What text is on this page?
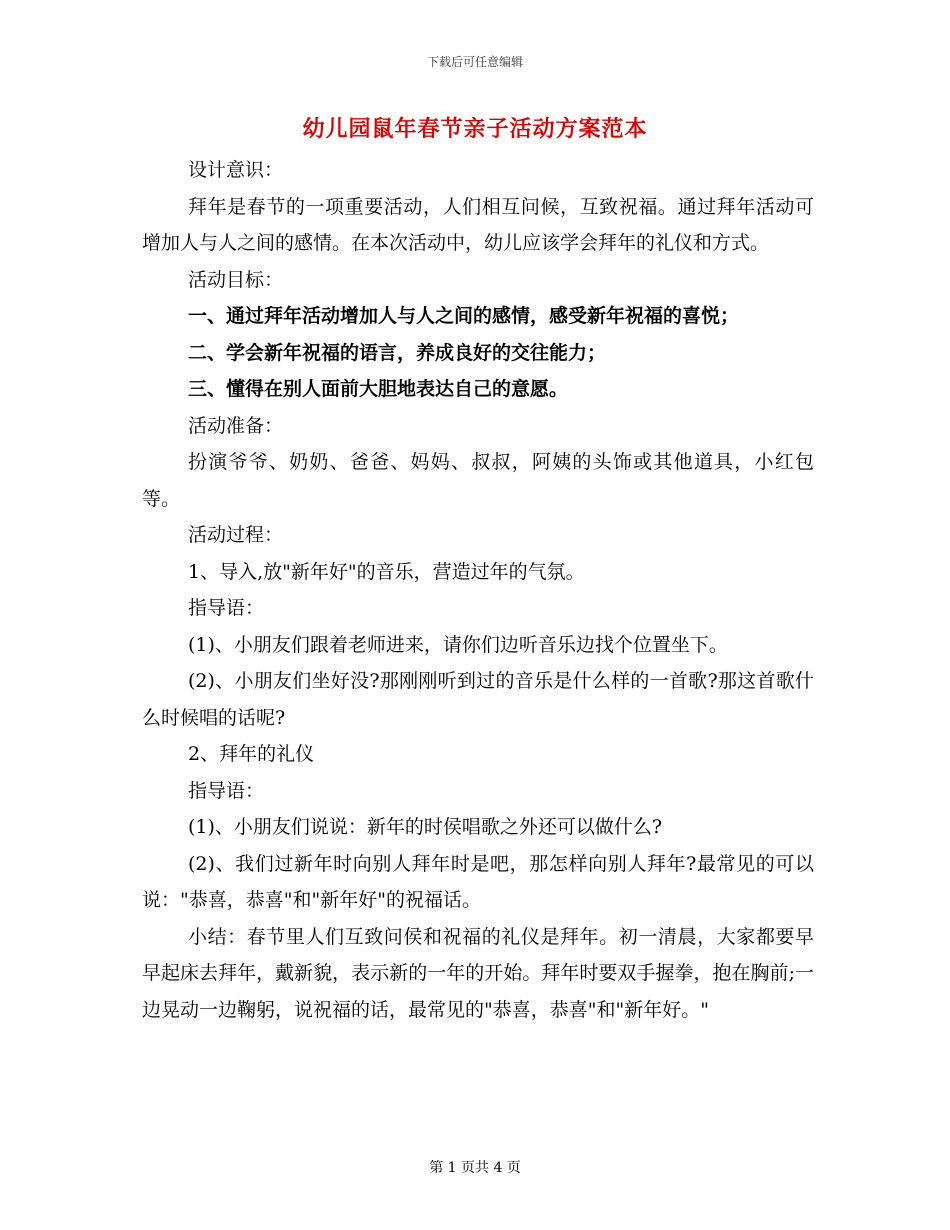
下载后可任意编辑
幼儿园鼠年春节亲子活动方案范本

设计意识：

拜年是春节的一项重要活动，人们相互问候，互致祝福。通过拜年活动可增加人与人之间的感情。在本次活动中，幼儿应该学会拜年的礼仪和方式。

活动目标：

一、通过拜年活动增加人与人之间的感情，感受新年祝福的喜悦；

二、学会新年祝福的语言，养成良好的交往能力；

三、懂得在别人面前大胆地表达自己的意愿。

活动准备：

扮演爷爷、奶奶、爸爸、妈妈、叔叔，阿姨的头饰或其他道具，小红包等。

活动过程：

1、导入,放"新年好"的音乐，营造过年的气氛。

指导语：

(1)、小朋友们跟着老师进来，请你们边听音乐边找个位置坐下。

(2)、小朋友们坐好没?那刚刚听到过的音乐是什么样的一首歌?那这首歌什么时候唱的话呢?

2、拜年的礼仪

指导语：

(1)、小朋友们说说：新年的时侯唱歌之外还可以做什么?

(2)、我们过新年时向别人拜年时是吧，那怎样向别人拜年?最常见的可以说："恭喜，恭喜"和"新年好"的祝福话。

小结：春节里人们互致问侯和祝福的礼仪是拜年。初一清晨，大家都要早早起床去拜年，戴新貌，表示新的一年的开始。拜年时要双手握拳，抱在胸前;一边晃动一边鞠躬，说祝福的话，最常见的"恭喜，恭喜"和"新年好。"

第 1 页共 4 页
